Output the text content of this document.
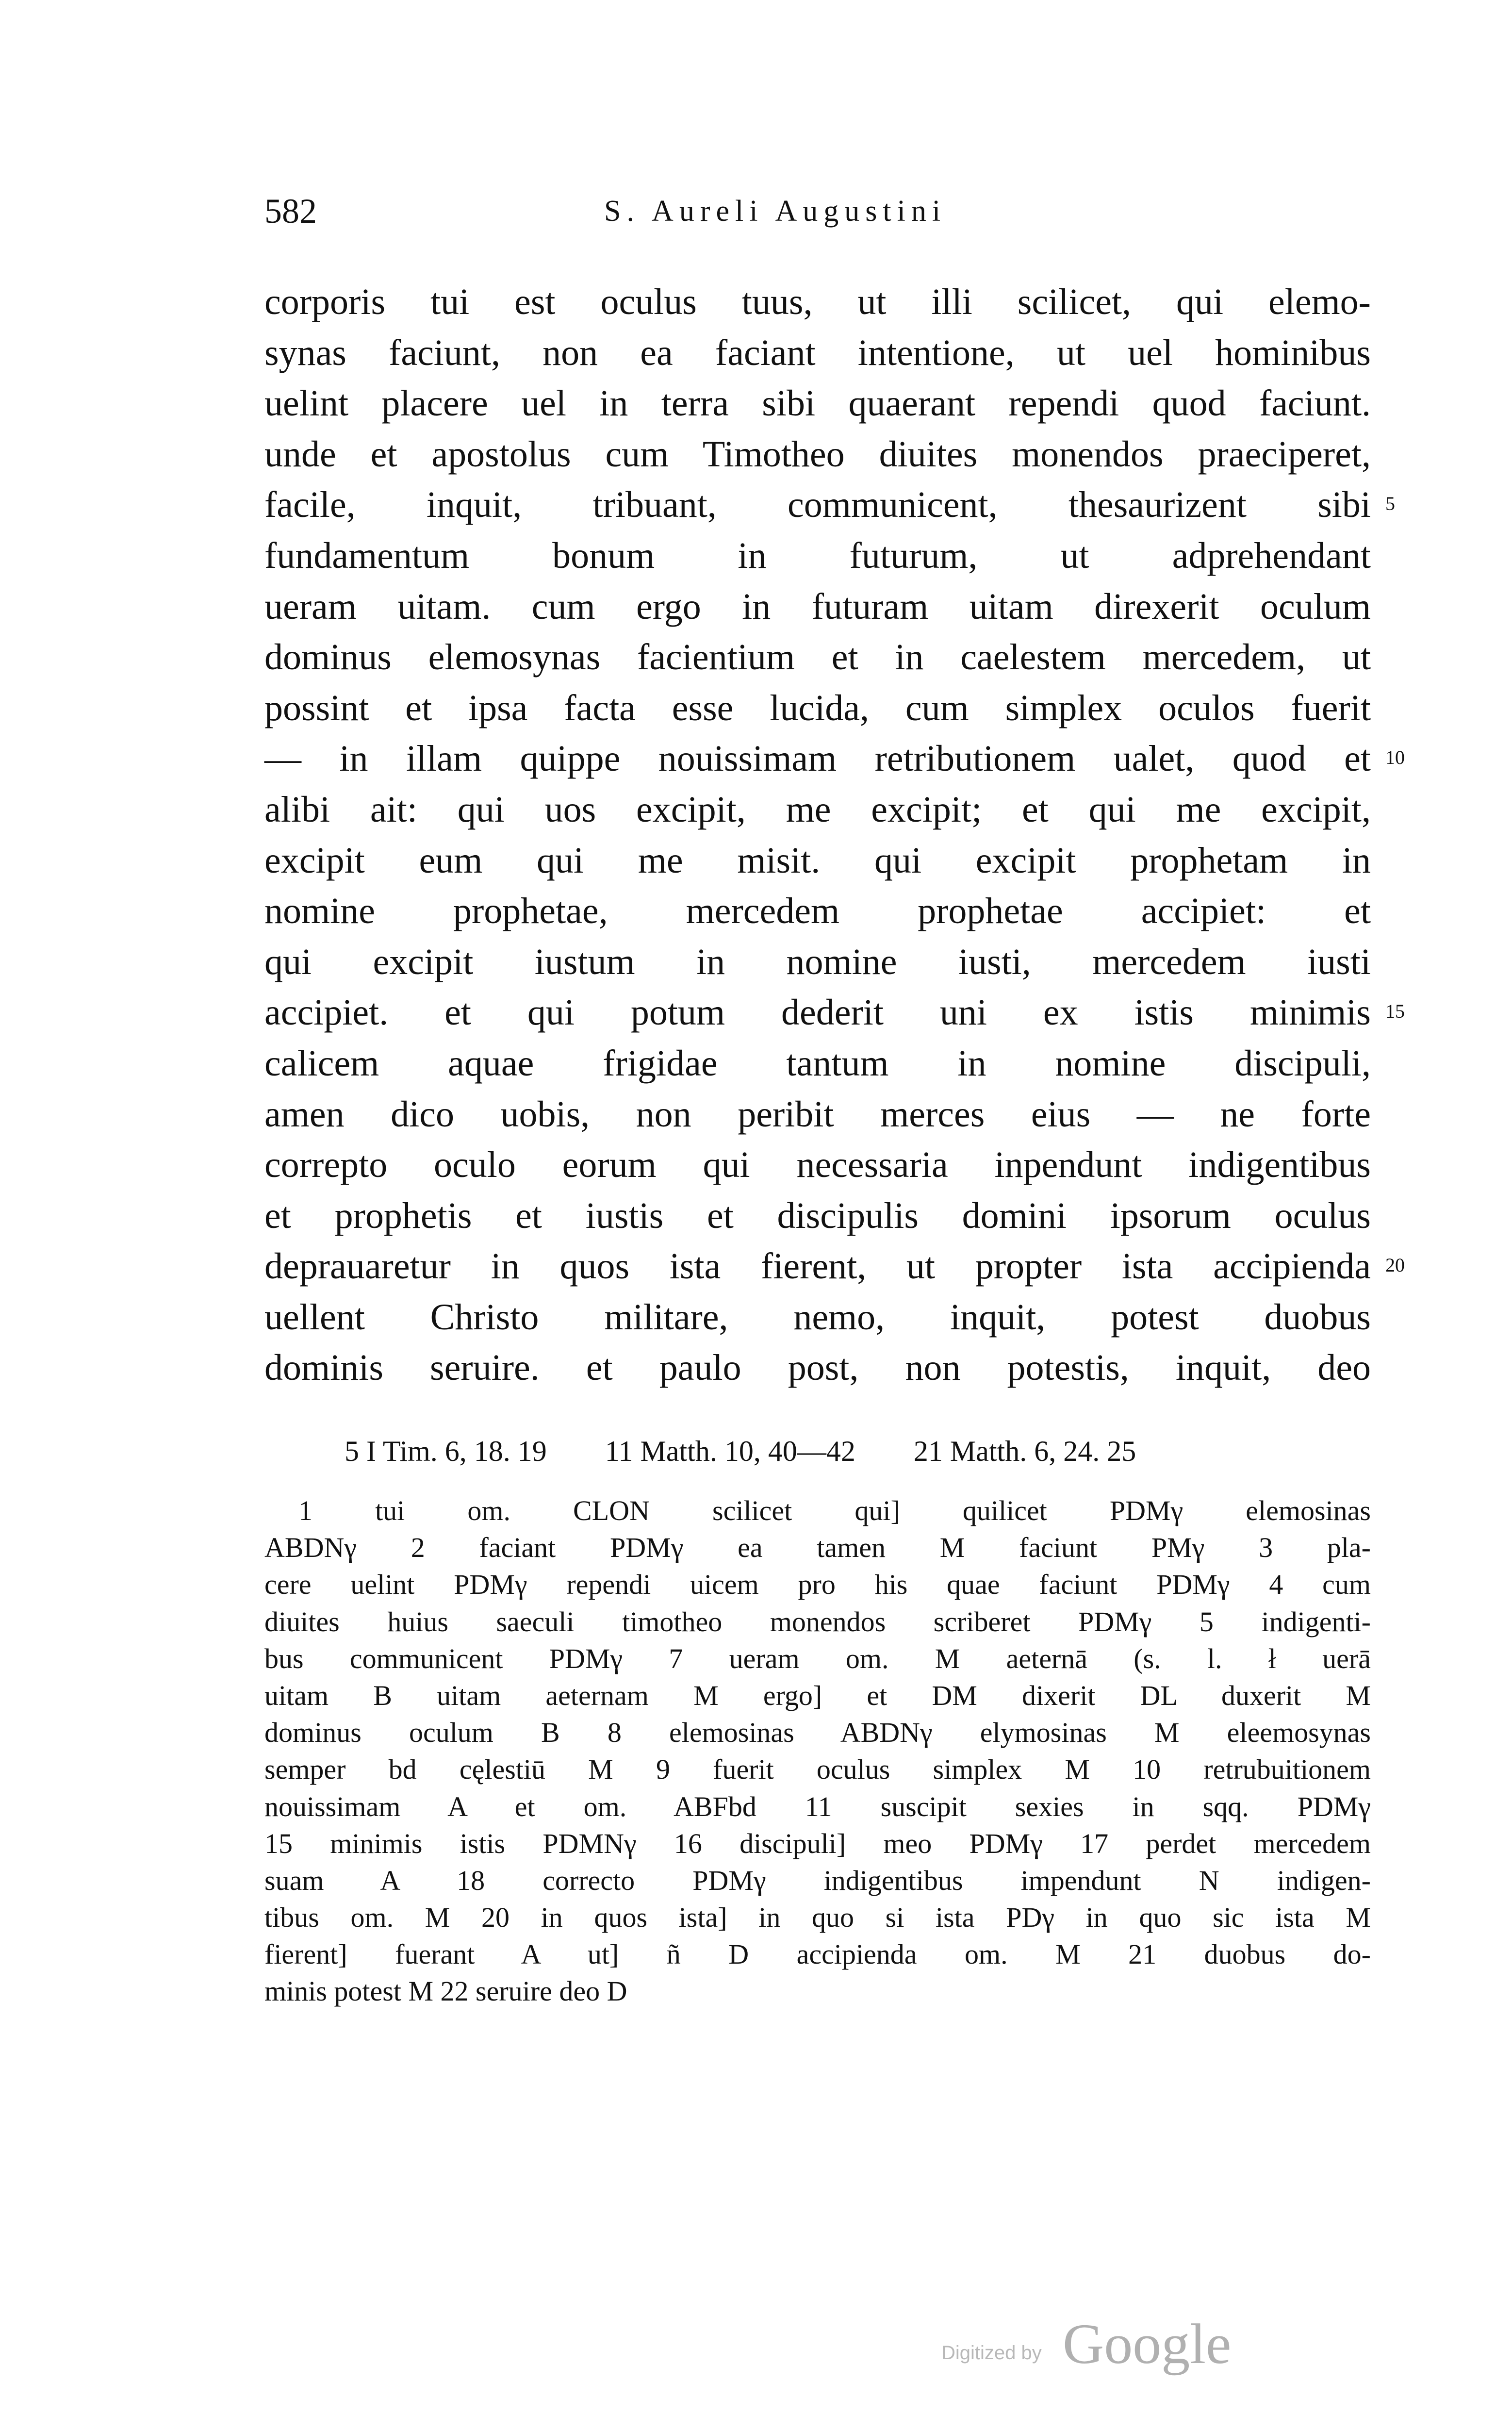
582	S. Aureli Augustini
corporis tui est oculus tuus, ut illi scilicet, qui elemo-
synas faciunt, non ea faciant intentione, ut uel hominibus
uelint placere uel in terra sibi quaerant rependi quod faciunt.
unde et apostolus cum Timotheo diuites monendos praeciperet,
facile, inquit, tribuant, communicent, thesaurizent sibi 5
fundamentum bonum in futurum, ut adprehendant
ueram uitam. cum ergo in futuram uitam direxerit oculum
dominus elemosynas facientium et in caelestem mercedem, ut
possint et ipsa facta esse lucida, cum simplex oculos fuerit
— in illam quippe nouissimam retributionem ualet, quod et 10
alibi ait: qui uos excipit, me excipit; et qui me excipit,
excipit eum qui me misit. qui excipit prophetam in
nomine prophetae, mercedem prophetae accipiet: et
qui excipit iustum in nomine iusti, mercedem iusti
accipiet. et qui potum dederit uni ex istis minimis 15
calicem aquae frigidae tantum in nomine discipuli,
amen dico uobis, non peribit merces eius — ne forte
correpto oculo eorum qui necessaria inpendunt indigentibus
et prophetis et iustis et discipulis domini ipsorum oculus
deprauaretur in quos ista fierent, ut propter ista accipienda 20
uellent Christo militare, nemo, inquit, potest duobus
dominis seruire. et paulo post, non potestis, inquit, deo
5 I Tim. 6, 18. 19 11 Matth. 10, 40—42 21 Matth. 6, 24. 25
1 tui om. CLON scilicet qui] quilicet PDMγ elemosinas
ABDNγ 2 faciant PDMγ ea tamen M faciunt PMγ 3 pla-
cere uelint PDMγ rependi uicem pro his quae faciunt PDMγ 4 cum
diuites huius saeculi timotheo monendos scriberet PDMγ 5 indigenti-
bus communicent PDMγ 7 ueram om. M aeternā (s. l. ł uerā
uitam B uitam aeternam M ergo] et DM dixerit DL duxerit M
dominus oculum B 8 elemosinas ABDNγ elymosinas M eleemosynas
semper bd cęlestiū M 9 fuerit oculus simplex M 10 retrubuitionem
nouissimam A et om. ABFbd 11 suscipit sexies in sqq. PDMγ
15 minimis istis PDMNγ 16 discipuli] meo PDMγ 17 perdet mercedem
suam A 18 correcto PDMγ indigentibus impendunt N indigen-
tibus om. M 20 in quos ista] in quo si ista PDγ in quo sic ista M
fierent] fuerant A ut] ñ D accipienda om. M 21 duobus do-
minis potest M 22 seruire deo D
Digitized by Google
